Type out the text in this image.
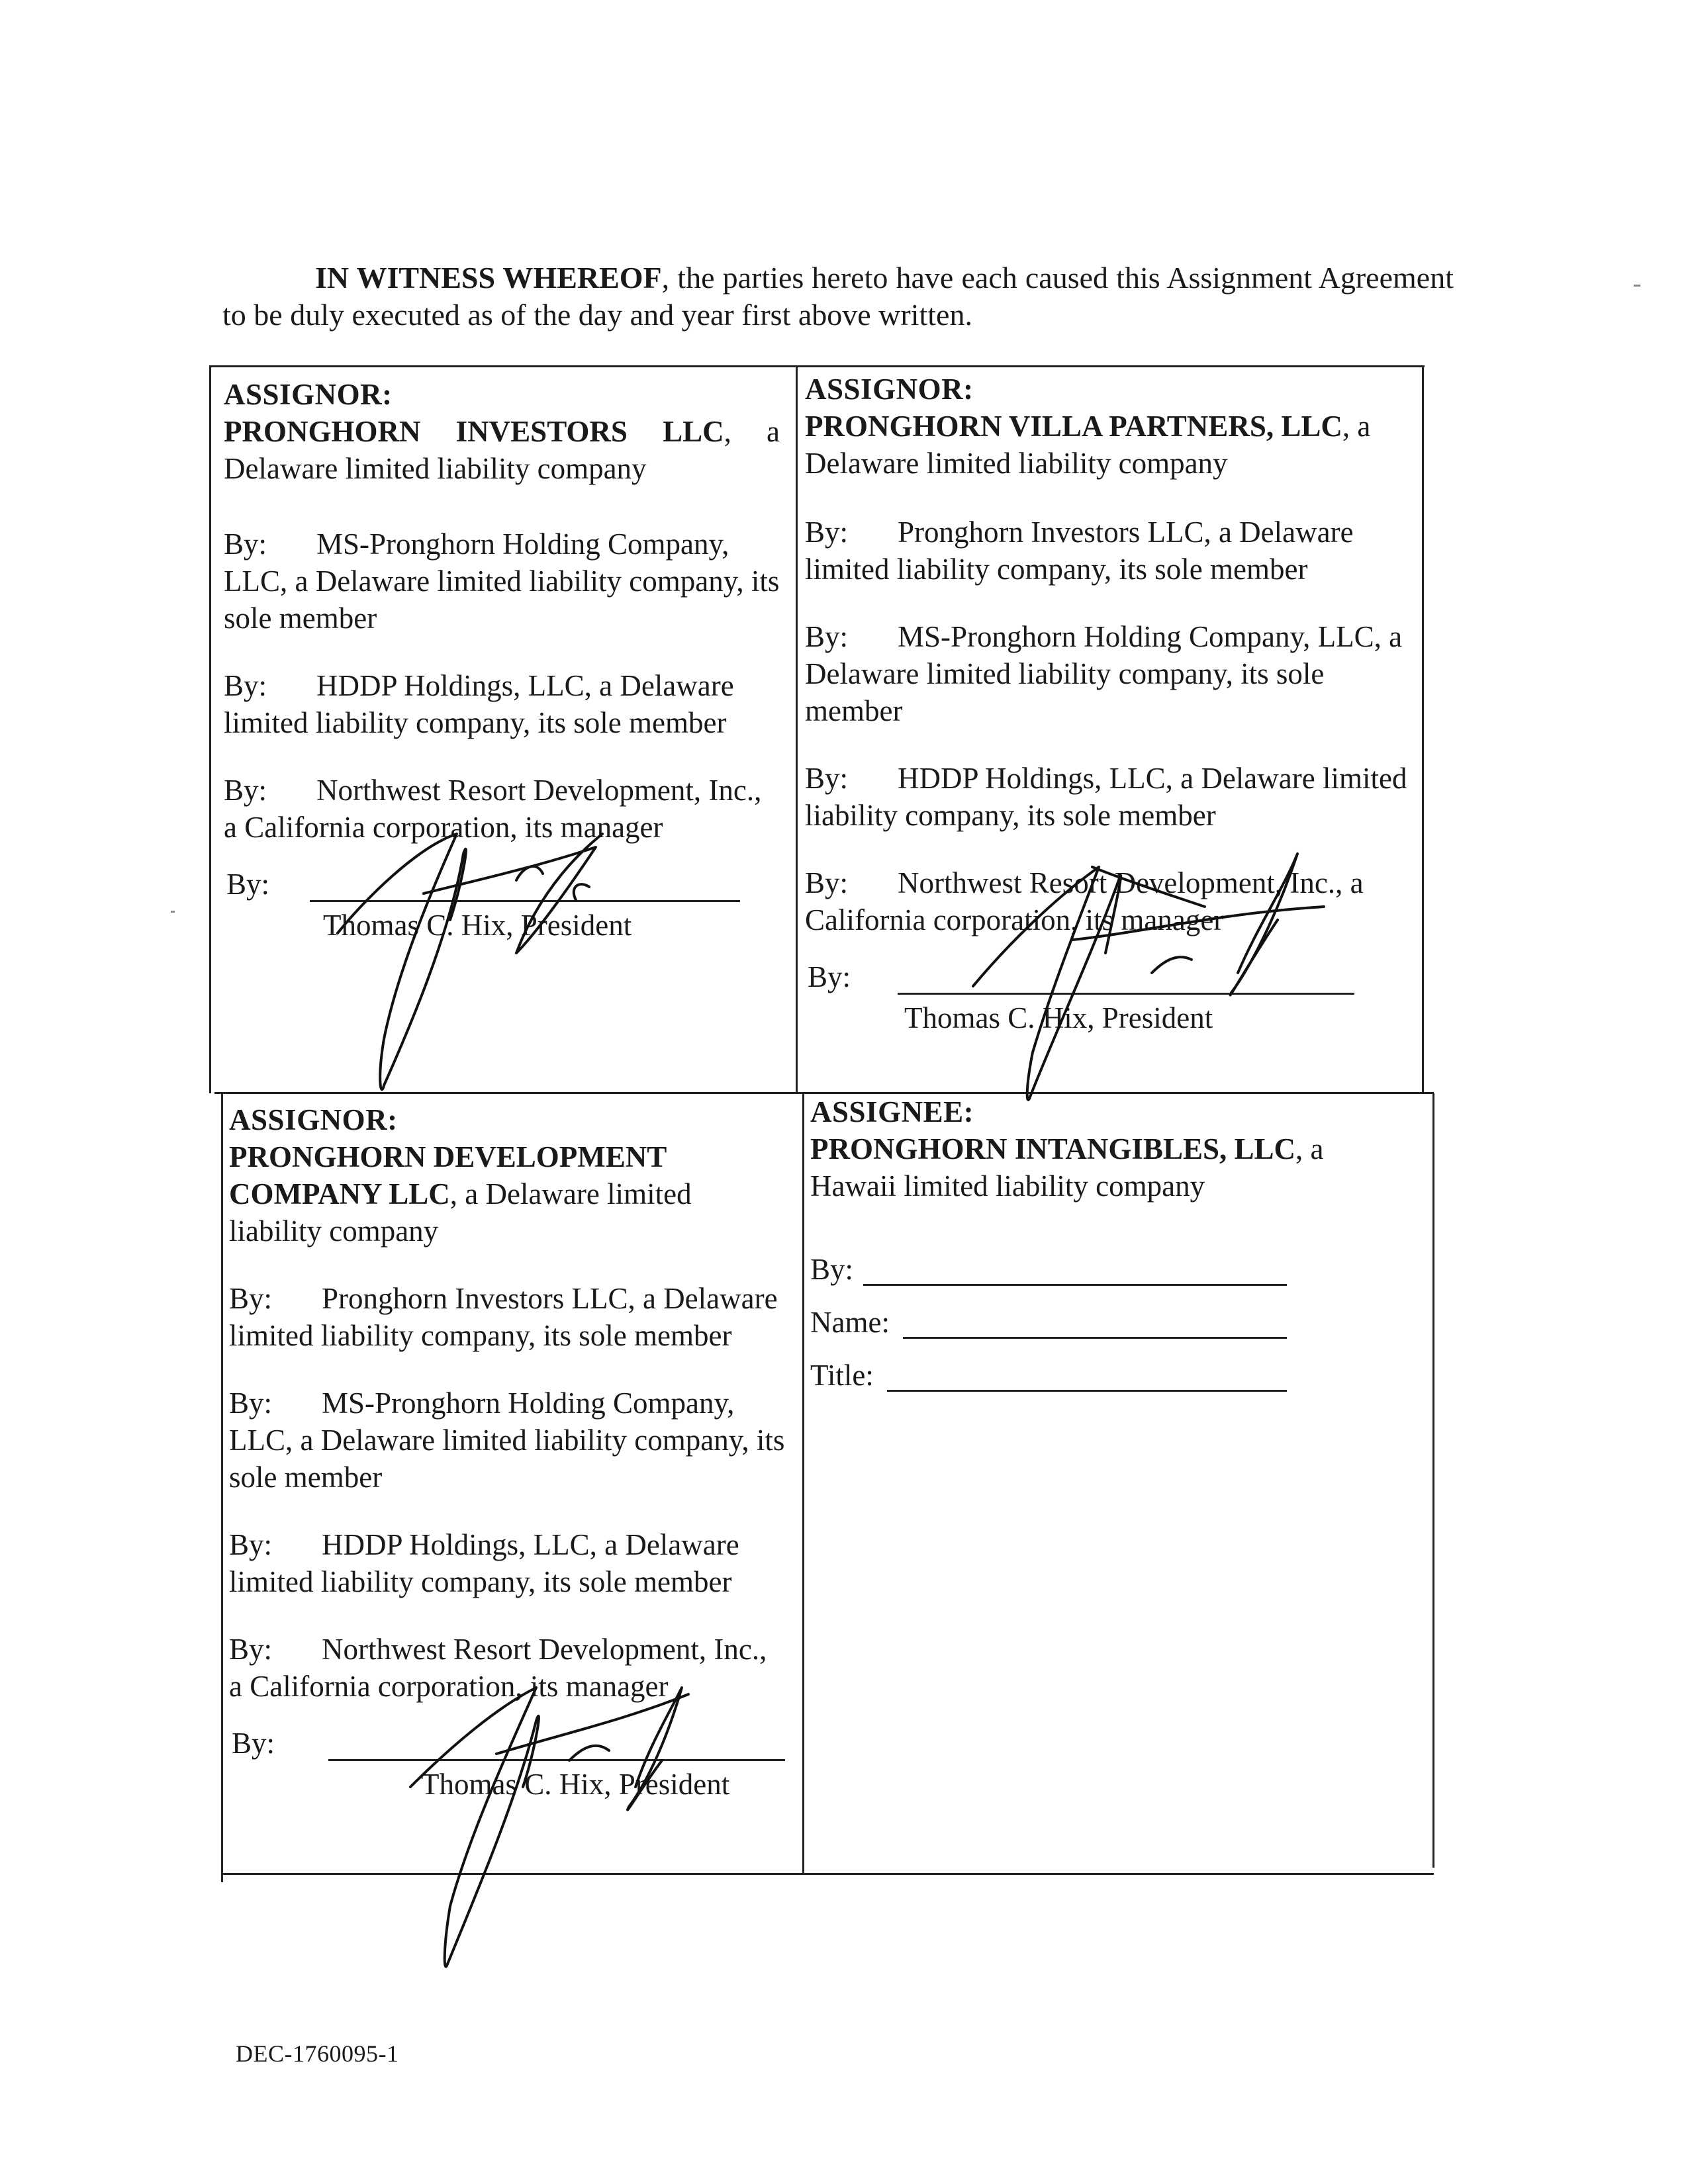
IN WITNESS WHEREOF, the parties hereto have each caused this Assignment Agreement to be duly executed as of the day and year first above written.
ASSIGNOR:
PRONGHORN INVESTORS LLC, a Delaware limited liability company
By: MS-Pronghorn Holding Company, LLC, a Delaware limited liability company, its sole member
By: HDDP Holdings, LLC, a Delaware limited liability company, its sole member
By: Northwest Resort Development, Inc., a California corporation, its manager
By:
Thomas C. Hix, President
ASSIGNOR:
PRONGHORN VILLA PARTNERS, LLC, a Delaware limited liability company
By: Pronghorn Investors LLC, a Delaware limited liability company, its sole member
By: MS-Pronghorn Holding Company, LLC, a Delaware limited liability company, its sole member
By: HDDP Holdings, LLC, a Delaware limited liability company, its sole member
By: Northwest Resort Development, Inc., a California corporation, its manager
By:
Thomas C. Hix, President
ASSIGNOR:
PRONGHORN DEVELOPMENT COMPANY LLC, a Delaware limited liability company
By: Pronghorn Investors LLC, a Delaware limited liability company, its sole member
By: MS-Pronghorn Holding Company, LLC, a Delaware limited liability company, its sole member
By: HDDP Holdings, LLC, a Delaware limited liability company, its sole member
By: Northwest Resort Development, Inc., a California corporation, its manager
By:
Thomas C. Hix, President
ASSIGNEE:
PRONGHORN INTANGIBLES, LLC, a Hawaii limited liability company
By:
Name:
Title:
DEC-1760095-1
